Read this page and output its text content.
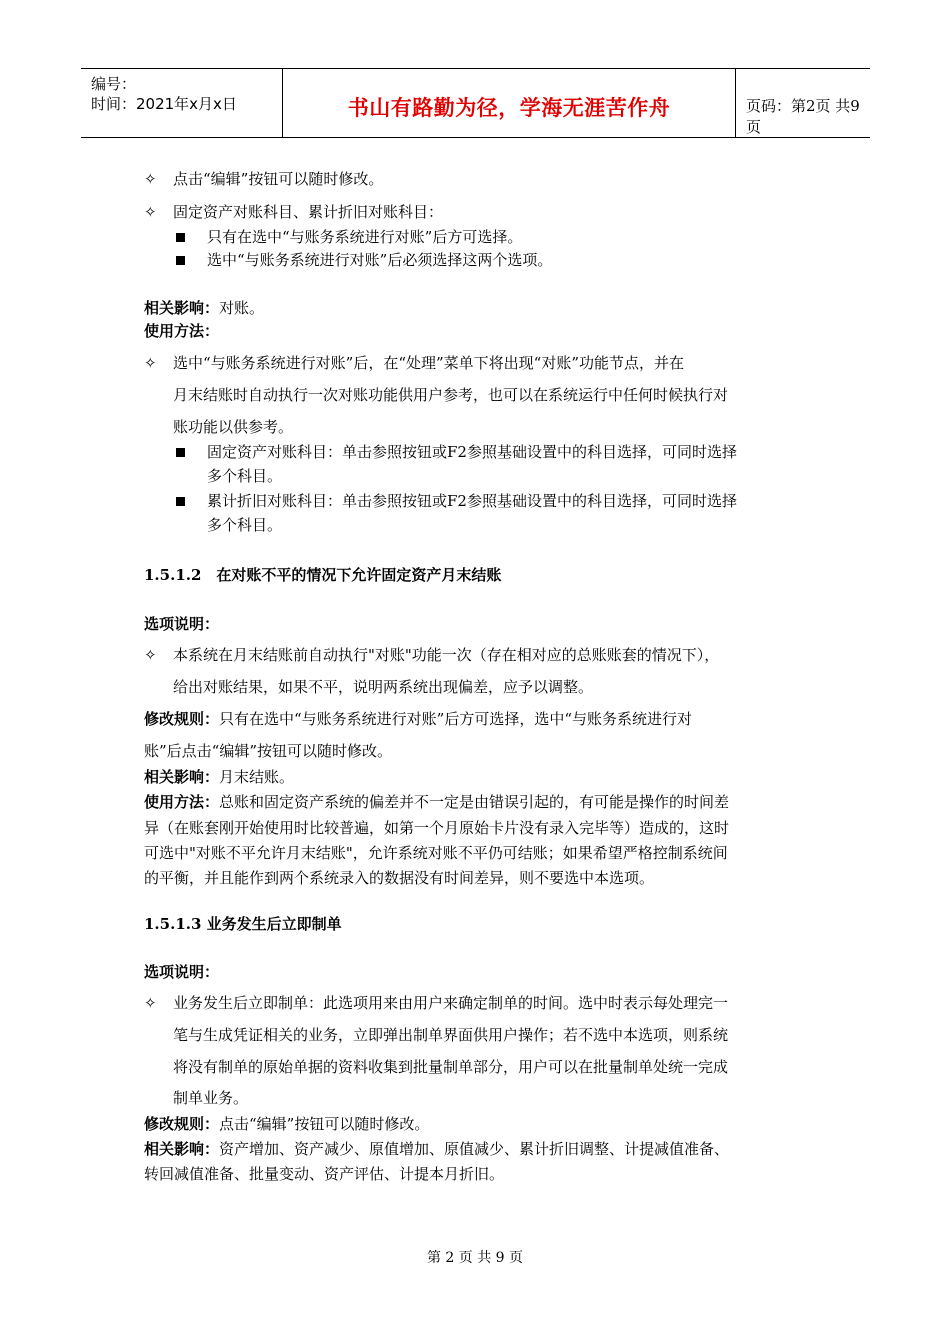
编号：
时间：2021年x月x日	书山有路勤为径，学海无涯苦作舟	页码：第2页 共9页
✧ 点击“编辑”按钮可以随时修改。
✧ 固定资产对账科目、累计折旧对账科目：
只有在选中“与账务系统进行对账”后方可选择。
选中“与账务系统进行对账”后必须选择这两个选项。
相关影响：对账。
使用方法：
✧ 选中“与账务系统进行对账”后，在“处理”菜单下将出现“对账”功能节点，并在
月末结账时自动执行一次对账功能供用户参考，也可以在系统运行中任何时候执行对
账功能以供参考。
固定资产对账科目：单击参照按钮或F2参照基础设置中的科目选择，可同时选择
多个科目。
累计折旧对账科目：单击参照按钮或F2参照基础设置中的科目选择，可同时选择
多个科目。
1.5.1.2　在对账不平的情况下允许固定资产月末结账
选项说明：
✧ 本系统在月末结账前自动执行"对账"功能一次（存在相对应的总账账套的情况下），
给出对账结果，如果不平，说明两系统出现偏差，应予以调整。
修改规则：只有在选中“与账务系统进行对账”后方可选择，选中“与账务系统进行对
账”后点击“编辑”按钮可以随时修改。
相关影响：月末结账。
使用方法：总账和固定资产系统的偏差并不一定是由错误引起的，有可能是操作的时间差
异（在账套刚开始使用时比较普遍，如第一个月原始卡片没有录入完毕等）造成的，这时
可选中"对账不平允许月末结账"，允许系统对账不平仍可结账；如果希望严格控制系统间
的平衡，并且能作到两个系统录入的数据没有时间差异，则不要选中本选项。
1.5.1.3 业务发生后立即制单
选项说明：
✧ 业务发生后立即制单：此选项用来由用户来确定制单的时间。选中时表示每处理完一
笔与生成凭证相关的业务，立即弹出制单界面供用户操作；若不选中本选项，则系统
将没有制单的原始单据的资料收集到批量制单部分，用户可以在批量制单处统一完成
制单业务。
修改规则：点击“编辑”按钮可以随时修改。
相关影响：资产增加、资产减少、原值增加、原值减少、累计折旧调整、计提减值准备、
转回减值准备、批量变动、资产评估、计提本月折旧。
第 2 页 共 9 页
